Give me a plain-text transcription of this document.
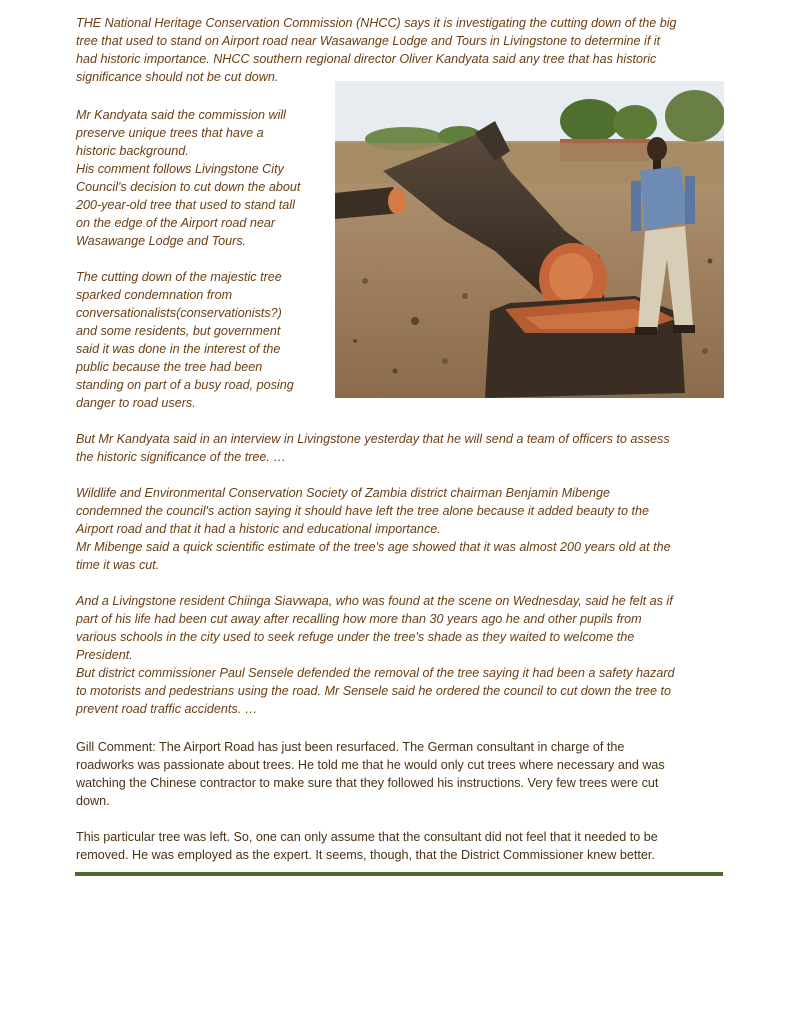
THE National Heritage Conservation Commission (NHCC) says it is investigating the cutting down of the big
tree that used to stand on Airport road near Wasawange Lodge and Tours in Livingstone to determine if it
had historic importance. NHCC southern regional director Oliver Kandyata said any tree that has historic
significance should not be cut down.
Mr Kandyata said the commission will
preserve unique trees that have a
historic background.
His comment follows Livingstone City
Council's decision to cut down the about
200-year-old tree that used to stand tall
on the edge of the Airport road near
Wasawange Lodge and Tours.
The cutting down of the majestic tree
sparked condemnation from
conversationalists(conservationists?)
and some residents, but government
said it was done in the interest of the
public because the tree had been
standing on part of a busy road, posing
danger to road users.
But Mr Kandyata said in an interview in Livingstone yesterday that he will send a team of officers to assess
the historic significance of the tree. …
Wildlife and Environmental Conservation Society of Zambia district chairman Benjamin Mibenge
condemned the council's action saying it should have left the tree alone because it added beauty to the
Airport road and that it had a historic and educational importance.
Mr Mibenge said a quick scientific estimate of the tree's age showed that it was almost 200 years old at the
time it was cut.
And a Livingstone resident Chiinga Siavwapa, who was found at the scene on Wednesday, said he felt as if
part of his life had been cut away after recalling how more than 30 years ago he and other pupils from
various schools in the city used to seek refuge under the tree's shade as they waited to welcome the
President.
But district commissioner Paul Sensele defended the removal of the tree saying it had been a safety hazard
to motorists and pedestrians using the road. Mr Sensele said he ordered the council to cut down the tree to
prevent road traffic accidents. …
Gill Comment: The Airport Road has just been resurfaced. The German consultant in charge of the
roadworks was passionate about trees. He told me that he would only cut trees where necessary and was
watching the Chinese contractor to make sure that they followed his instructions. Very few trees were cut
down.
This particular tree was left. So, one can only assume that the consultant did not feel that it needed to be
removed. He was employed as the expert. It seems, though, that the District Commissioner knew better.
